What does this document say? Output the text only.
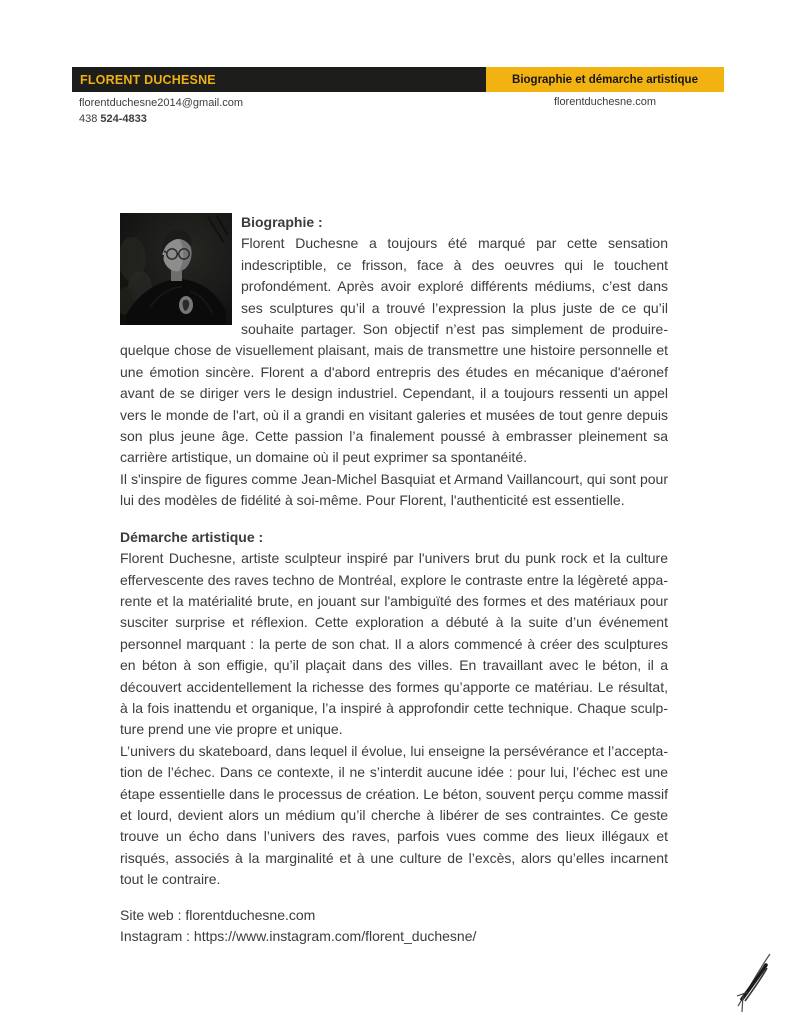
FLORENT DUCHESNE	Biographie et démarche artistique
florentduchesne2014@gmail.com
438 524-4833
florentduchesne.com
Biographie :

Florent Duchesne a toujours été marqué par cette sensation indescriptible, ce frisson, face à des oeuvres qui le touchent profondément. Après avoir exploré différents médiums, c’est dans ses sculptures qu’il a trouvé l’expression la plus juste de ce qu’il souhaite partager. Son objectif n’est pas simplement de produire-quelque chose de visuellement plaisant, mais de transmettre une histoire personnelle et une émotion sincère. Florent a d'abord entrepris des études en mécanique d'aéronef avant de se diriger vers le design industriel. Cependant, il a toujours ressenti un appel vers le monde de l'art, où il a grandi en visitant galeries et musées de tout genre depuis son plus jeune âge. Cette passion l’a finalement poussé à embrasser pleinement sa carrière artistique, un domaine où il peut exprimer sa spontanéité.

Il s'inspire de figures comme Jean-Michel Basquiat et Armand Vaillancourt, qui sont pour lui des modèles de fidélité à soi-même. Pour Florent, l'authenticité est essentielle.

Démarche artistique :

Florent Duchesne, artiste sculpteur inspiré par l'univers brut du punk rock et la culture effervescente des raves techno de Montréal, explore le contraste entre la légèreté apparente et la matérialité brute, en jouant sur l'ambiguïté des formes et des matériaux pour susciter surprise et réflexion. Cette exploration a débuté à la suite d’un événement personnel marquant : la perte de son chat. Il a alors commencé à créer des sculptures en béton à son effigie, qu’il plaçait dans des villes. En travaillant avec le béton, il a découvert accidentellement la richesse des formes qu’apporte ce matériau. Le résultat, à la fois inattendu et organique, l’a inspiré à approfondir cette technique. Chaque sculpture prend une vie propre et unique.

L’univers du skateboard, dans lequel il évolue, lui enseigne la persévérance et l’acceptation de l’échec. Dans ce contexte, il ne s’interdit aucune idée : pour lui, l’échec est une étape essentielle dans le processus de création. Le béton, souvent perçu comme massif et lourd, devient alors un médium qu’il cherche à libérer de ses contraintes. Ce geste trouve un écho dans l’univers des raves, parfois vues comme des lieux illégaux et risqués, associés à la marginalité et à une culture de l’excès, alors qu’elles incarnent tout le contraire.

Site web : florentduchesne.com
Instagram : https://www.instagram.com/florent_duchesne/
